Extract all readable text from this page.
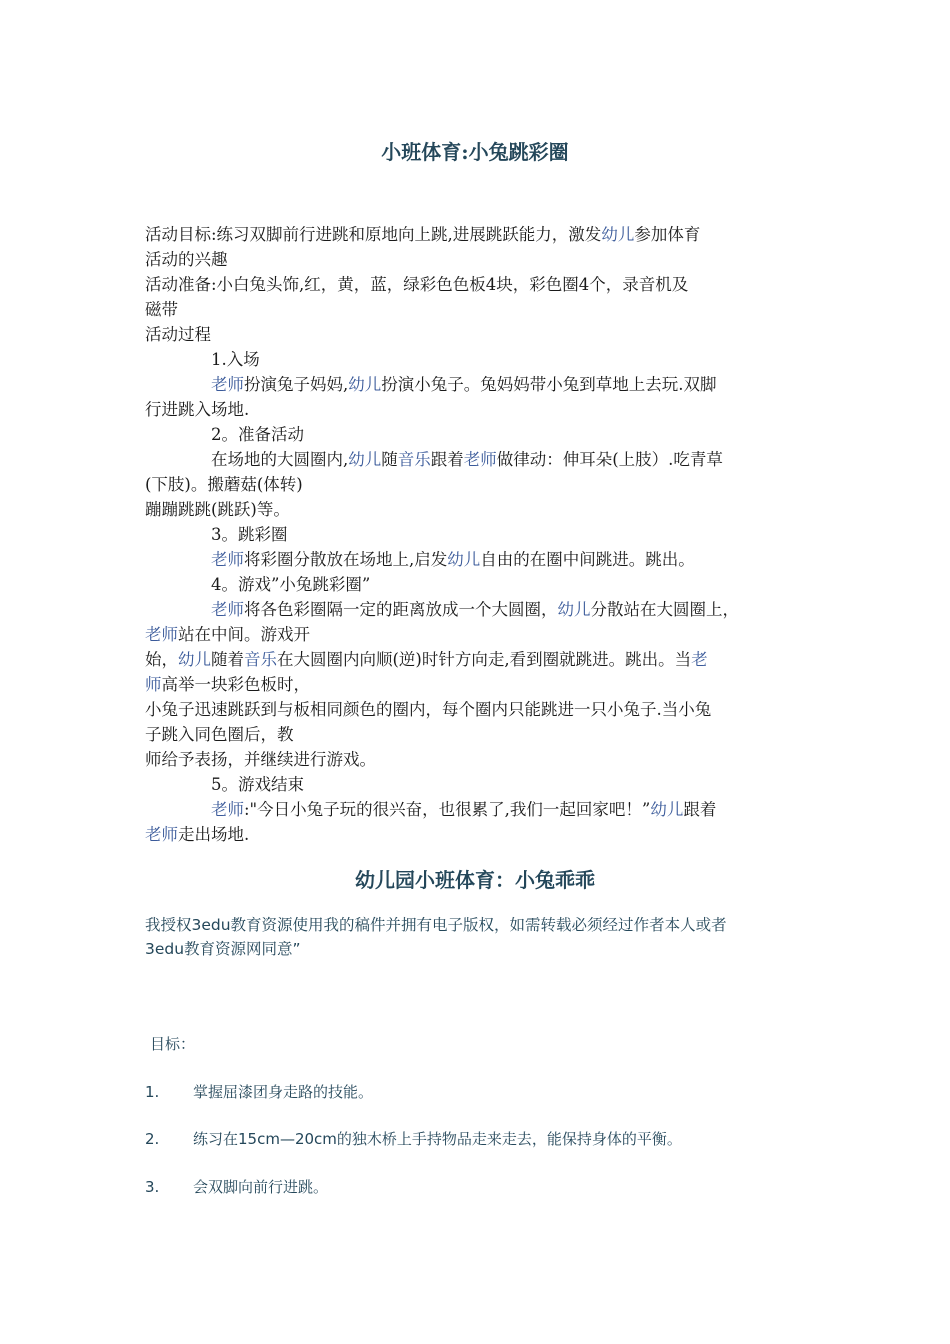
小班体育:小兔跳彩圈
活动目标:练习双脚前行进跳和原地向上跳,进展跳跃能力，激发幼儿参加体育
活动的兴趣
活动准备:小白兔头饰,红，黄，蓝，绿彩色色板4块，彩色圈4个，录音机及
磁带
活动过程
1.入场
老师扮演兔子妈妈,幼儿扮演小兔子。兔妈妈带小兔到草地上去玩.双脚
行进跳入场地.
2。准备活动
在场地的大圆圈内,幼儿随音乐跟着老师做律动：伸耳朵(上肢）.吃青草
(下肢)。搬蘑菇(体转)
蹦蹦跳跳(跳跃)等。
3。跳彩圈
老师将彩圈分散放在场地上,启发幼儿自由的在圈中间跳进。跳出。
4。游戏”小兔跳彩圈”
老师将各色彩圈隔一定的距离放成一个大圆圈，幼儿分散站在大圆圈上，
老师站在中间。游戏开
始，幼儿随着音乐在大圆圈内向顺(逆)时针方向走,看到圈就跳进。跳出。当老
师高举一块彩色板时，
小兔子迅速跳跃到与板相同颜色的圈内，每个圈内只能跳进一只小兔子.当小兔
子跳入同色圈后，教
师给予表扬，并继续进行游戏。
5。游戏结束
老师:"今日小兔子玩的很兴奋，也很累了,我们一起回家吧！”幼儿跟着
老师走出场地.
幼儿园小班体育：小兔乖乖
我授权3edu教育资源使用我的稿件并拥有电子版权，如需转载必须经过作者本人或者
3edu教育资源网同意”
目标：
1. 掌握屈漆团身走路的技能。
2. 练习在15cm—20cm的独木桥上手持物品走来走去，能保持身体的平衡。
3. 会双脚向前行进跳。
